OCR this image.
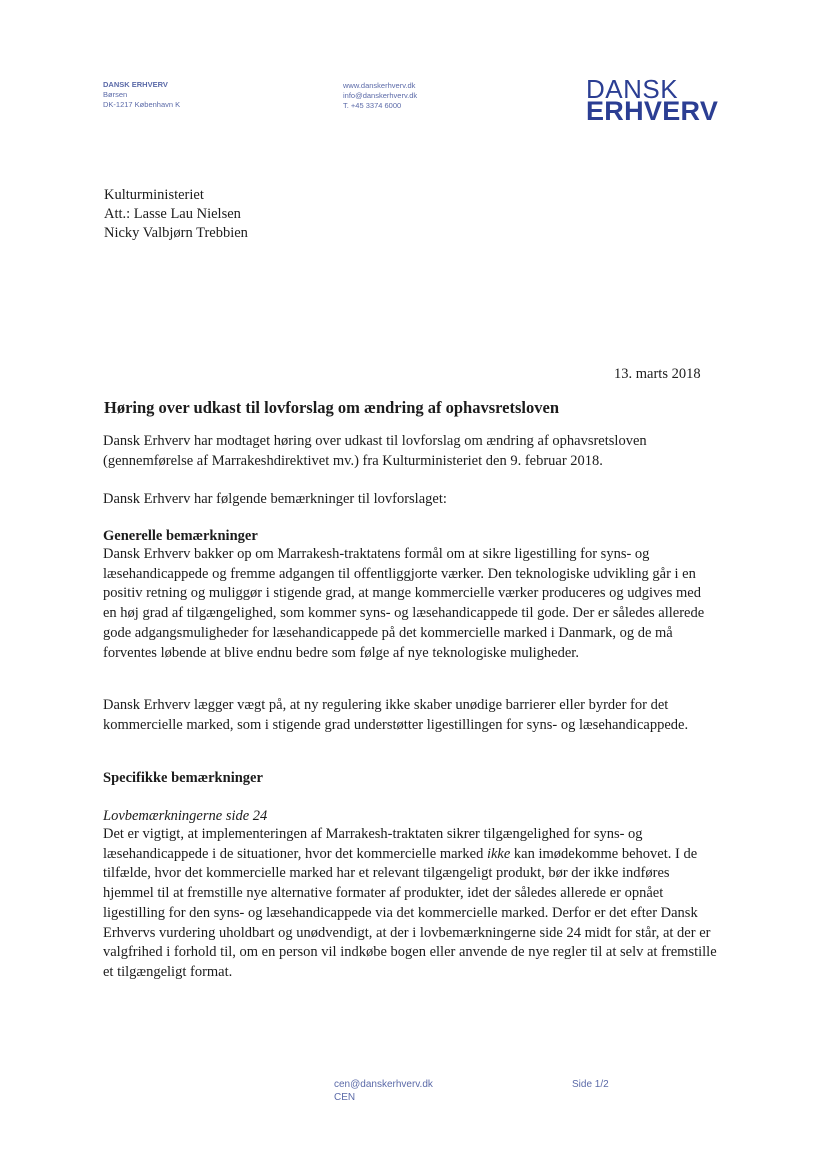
DANSK ERHVERV
Børsen
DK-1217 København K
www.danskerhverv.dk
info@danskerhverv.dk
T. +45 3374 6000
DANSK
ERHVERV
Kulturministeriet
Att.: Lasse Lau Nielsen
Nicky Valbjørn Trebbien
13. marts 2018
Høring over udkast til lovforslag om ændring af ophavsretsloven

Dansk Erhverv har modtaget høring over udkast til lovforslag om ændring af ophavsretsloven (gennemførelse af Marrakeshdirektivet mv.) fra Kulturministeriet den 9. februar 2018.

Dansk Erhverv har følgende bemærkninger til lovforslaget:

Generelle bemærkninger

Dansk Erhverv bakker op om Marrakesh-traktatens formål om at sikre ligestilling for syns- og læsehandicappede og fremme adgangen til offentliggjorte værker. Den teknologiske udvikling går i en positiv retning og muliggør i stigende grad, at mange kommercielle værker produceres og udgives med en høj grad af tilgængelighed, som kommer syns- og læsehandicappede til gode. Der er således allerede gode adgangsmuligheder for læsehandicappede på det kommercielle marked i Danmark, og de må forventes løbende at blive endnu bedre som følge af nye teknologiske muligheder.

Dansk Erhverv lægger vægt på, at ny regulering ikke skaber unødige barrierer eller byrder for det kommercielle marked, som i stigende grad understøtter ligestillingen for syns- og læsehandicappede.

Specifikke bemærkninger
Lovbemærkningerne side 24

Det er vigtigt, at implementeringen af Marrakesh-traktaten sikrer tilgængelighed for syns- og læsehandicappede i de situationer, hvor det kommercielle marked ikke kan imødekomme behovet. I de tilfælde, hvor det kommercielle marked har et relevant tilgængeligt produkt, bør der ikke indføres hjemmel til at fremstille nye alternative formater af produkter, idet der således allerede er opnået ligestilling for den syns- og læsehandicappede via det kommercielle marked. Derfor er det efter Dansk Erhvervs vurdering uholdbart og unødvendigt, at der i lovbemærkningerne side 24 midt for står, at der er valgfrihed i forhold til, om en person vil indkøbe bogen eller anvende de nye regler til at selv at fremstille et tilgængeligt format.

cen@danskerhverv.dk
CEN
Side 1/2
